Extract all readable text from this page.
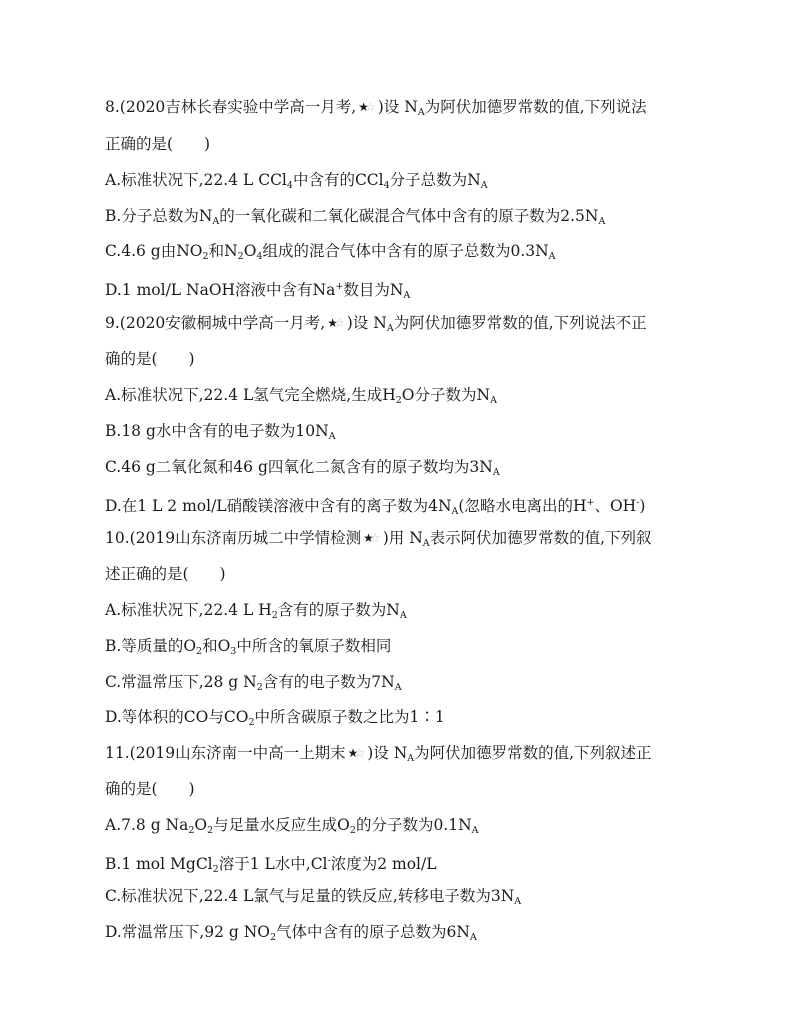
8.(2020吉林长春实验中学高一月考, ★☆ )设 $N_A$为阿伏加德罗常数的值,下列说法
正确的是(　　)
A.标准状况下,22.4 L CCl$_4$中含有的CCl$_4$分子总数为$N_A$
B.分子总数为$N_A$的一氧化碳和二氧化碳混合气体中含有的原子数为$2.5N_A$
C.4.6 g由$NO_2$和$N_2O_4$组成的混合气体中含有的原子总数为$0.3N_A$
D.1 mol/L NaOH溶液中含有Na+数目为$N_A$
9.(2020安徽桐城中学高一月考, ★☆ )设 $N_A$为阿伏加德罗常数的值,下列说法不正
确的是(　　)
A.标准状况下,22.4 L氢气完全燃烧,生成$H_2O$分子数为$N_A$
B.18 g水中含有的电子数为$10N_A$
C.46 g二氧化氮和46 g四氧化二氮含有的原子数均为$3N_A$
D.在1 L 2 mol/L硝酸镁溶液中含有的离子数为$4N_A$(忽略水电离出的H+、OH-)
10.(2019山东济南历城二中学情检测 ★☆ )用 $N_A$表示阿伏加德罗常数的值,下列叙
述正确的是(　　)
A.标准状况下,22.4 L $H_2$含有的原子数为$N_A$
B.等质量的$O_2$和$O_3$中所含的氧原子数相同
C.常温常压下,28 g $N_2$含有的电子数为$7N_A$
D.等体积的CO与$CO_2$中所含碳原子数之比为1∶1
11.(2019山东济南一中高一上期末 ★☆ )设 $N_A$为阿伏加德罗常数的值,下列叙述正
确的是(　　)
A.7.8 g $Na_2O_2$与足量水反应生成$O_2$的分子数为$0.1N_A$
B.1 mol MgCl$_2$溶于1 L水中,Cl-浓度为2 mol/L
C.标准状况下,22.4 L氯气与足量的铁反应,转移电子数为$3N_A$
D.常温常压下,92 g $NO_2$气体中含有的原子总数为$6N_A$
